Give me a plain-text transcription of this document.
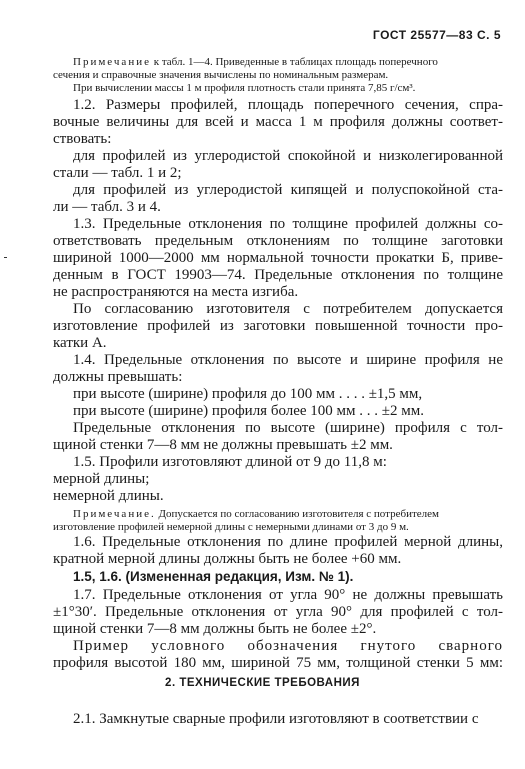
ГОСТ 25577—83 С. 5
Примечание к табл. 1—4. Приведенные в таблицах площадь поперечного
сечения и справочные значения вычислены по номинальным размерам.
При вычислении массы 1 м профиля плотность стали принята 7,85 г/см³.
1.2. Размеры профилей, площадь поперечного сечения, спра-
вочные величины для всей и масса 1 м профиля должны соответ-
ствовать:
для профилей из углеродистой спокойной и низколегированной
стали — табл. 1 и 2;
для профилей из углеродистой кипящей и полуспокойной ста-
ли — табл. 3 и 4.
1.3. Предельные отклонения по толщине профилей должны со-
ответствовать предельным отклонениям по толщине заготовки
шириной 1000—2000 мм нормальной точности прокатки Б, приве-
денным в ГОСТ 19903—74. Предельные отклонения по толщине
не распространяются на места изгиба.
По согласованию изготовителя с потребителем допускается
изготовление профилей из заготовки повышенной точности про-
катки А.
1.4. Предельные отклонения по высоте и ширине профиля не
должны превышать:
при высоте (ширине) профиля до 100 мм . . . . ±1,5 мм,
при высоте (ширине) профиля более 100 мм . . . ±2 мм.
Предельные отклонения по высоте (ширине) профиля с тол-
щиной стенки 7—8 мм не должны превышать ±2 мм.
1.5. Профили изготовляют длиной от 9 до 11,8 м:
мерной длины;
немерной длины.
Примечание. Допускается по согласованию изготовителя с потребителем
изготовление профилей немерной длины с немерными длинами от 3 до 9 м.
1.6. Предельные отклонения по длине профилей мерной длины,
кратной мерной длины должны быть не более +60 мм.
1.5, 1.6. (Измененная редакция, Изм. № 1).
1.7. Предельные отклонения от угла 90° не должны превышать
±1°30′. Предельные отклонения от угла 90° для профилей с тол-
щиной стенки 7—8 мм должны быть не более ±2°.
Пример условного обозначения гнутого сварного
профиля высотой 180 мм, шириной 75 мм, толщиной стенки 5 мм:
2. ТЕХНИЧЕСКИЕ ТРЕБОВАНИЯ
2.1. Замкнутые сварные профили изготовляют в соответствии с
